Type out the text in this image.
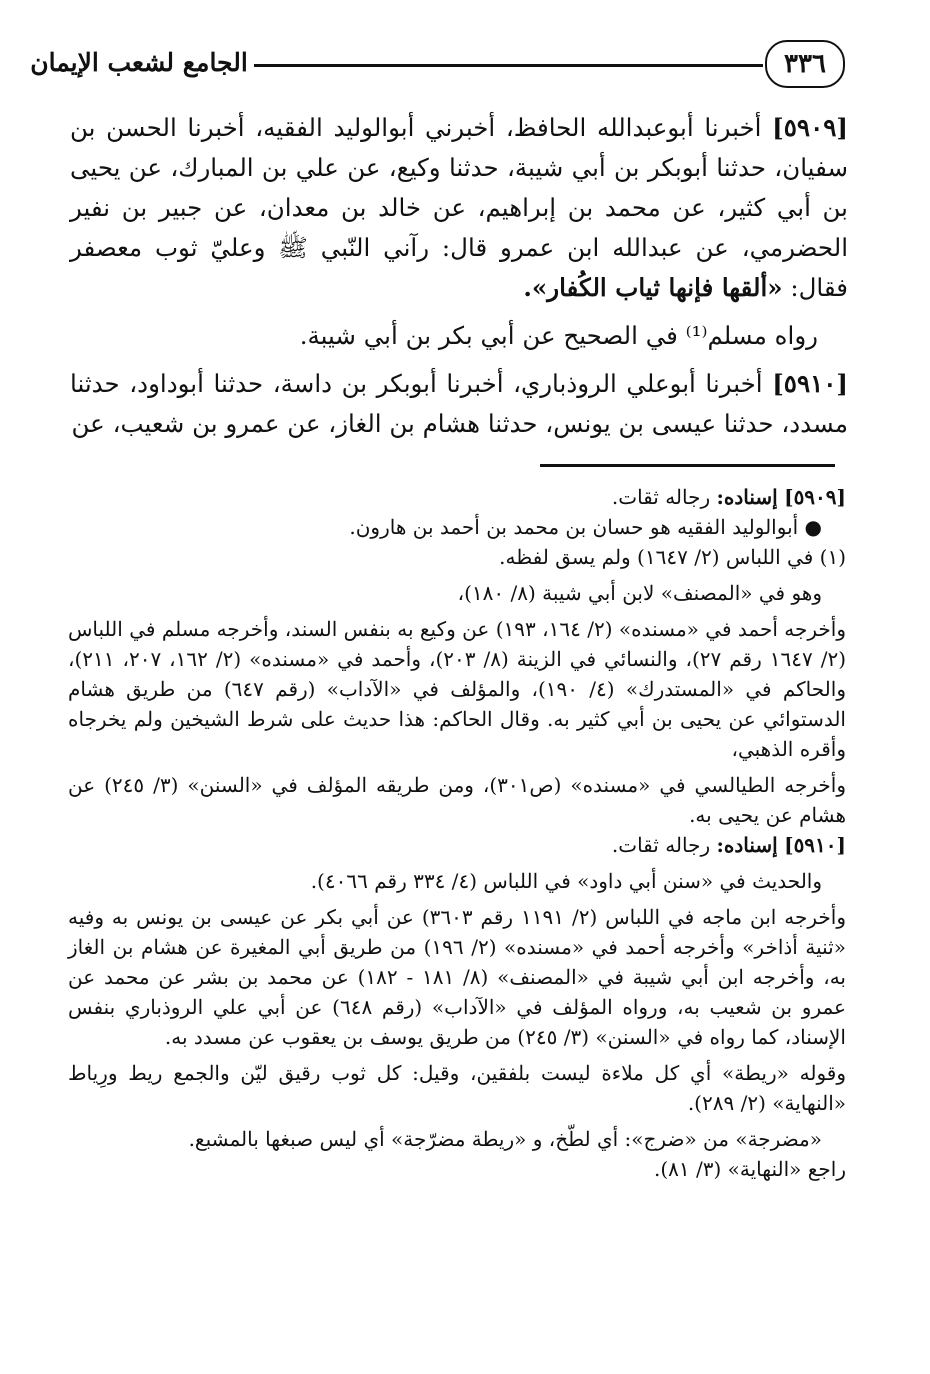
٣٣٦
الجامع لشعب الإيمان

[٥٩٠٩] أخبرنا أبوعبدالله الحافظ، أخبرني أبوالوليد الفقيه، أخبرنا الحسن بن سفيان، حدثنا أبوبكر بن أبي شيبة، حدثنا وكيع، عن علي بن المبارك، عن يحيى بن أبي كثير، عن محمد بن إبراهيم، عن خالد بن معدان، عن جبير بن نفير الحضرمي، عن عبدالله ابن عمرو قال: رآني النّبي ﷺ وعليّ ثوب معصفر فقال: «ألقها فإنها ثياب الكُفار».

رواه مسلم⁽¹⁾ في الصحيح عن أبي بكر بن أبي شيبة.

[٥٩١٠] أخبرنا أبوعلي الروذباري، أخبرنا أبوبكر بن داسة، حدثنا أبوداود، حدثنا مسدد، حدثنا عيسى بن يونس، حدثنا هشام بن الغاز، عن عمرو بن شعيب، عن

[٥٩٠٩] إسناده: رجاله ثقات.

● أبوالوليد الفقيه هو حسان بن محمد بن أحمد بن هارون.

(١) في اللباس (٢/ ١٦٤٧) ولم يسق لفظه.

وهو في «المصنف» لابن أبي شيبة (٨/ ١٨٠)،

وأخرجه أحمد في «مسنده» (٢/ ١٦٤، ١٩٣) عن وكيع به بنفس السند، وأخرجه مسلم في اللباس (٢/ ١٦٤٧ رقم ٢٧)، والنسائي في الزينة (٨/ ٢٠٣)، وأحمد في «مسنده» (٢/ ١٦٢، ٢٠٧، ٢١١)، والحاكم في «المستدرك» (٤/ ١٩٠)، والمؤلف في «الآداب» (رقم ٦٤٧) من طريق هشام الدستوائي عن يحيى بن أبي كثير به. وقال الحاكم: هذا حديث على شرط الشيخين ولم يخرجاه وأقره الذهبي،

وأخرجه الطيالسي في «مسنده» (ص٣٠١)، ومن طريقه المؤلف في «السنن» (٣/ ٢٤٥) عن هشام عن يحيى به.

[٥٩١٠] إسناده: رجاله ثقات.

والحديث في «سنن أبي داود» في اللباس (٤/ ٣٣٤ رقم ٤٠٦٦).

وأخرجه ابن ماجه في اللباس (٢/ ١١٩١ رقم ٣٦٠٣) عن أبي بكر عن عيسى بن يونس به وفيه «ثنية أذاخر» وأخرجه أحمد في «مسنده» (٢/ ١٩٦) من طريق أبي المغيرة عن هشام بن الغاز به، وأخرجه ابن أبي شيبة في «المصنف» (٨/ ١٨١ - ١٨٢) عن محمد بن بشر عن محمد عن عمرو بن شعيب به، ورواه المؤلف في «الآداب» (رقم ٦٤٨) عن أبي علي الروذباري بنفس الإسناد، كما رواه في «السنن» (٣/ ٢٤٥) من طريق يوسف بن يعقوب عن مسدد به.

وقوله «ريطة» أي كل ملاءة ليست بلفقين، وقيل: كل ثوب رقيق ليّن والجمع ريط ورِياط «النهاية» (٢/ ٢٨٩).

«مضرجة» من «ضرج»: أي لطّخ، و «ريطة مضرّجة» أي ليس صبغها بالمشبع.

راجع «النهاية» (٣/ ٨١).
